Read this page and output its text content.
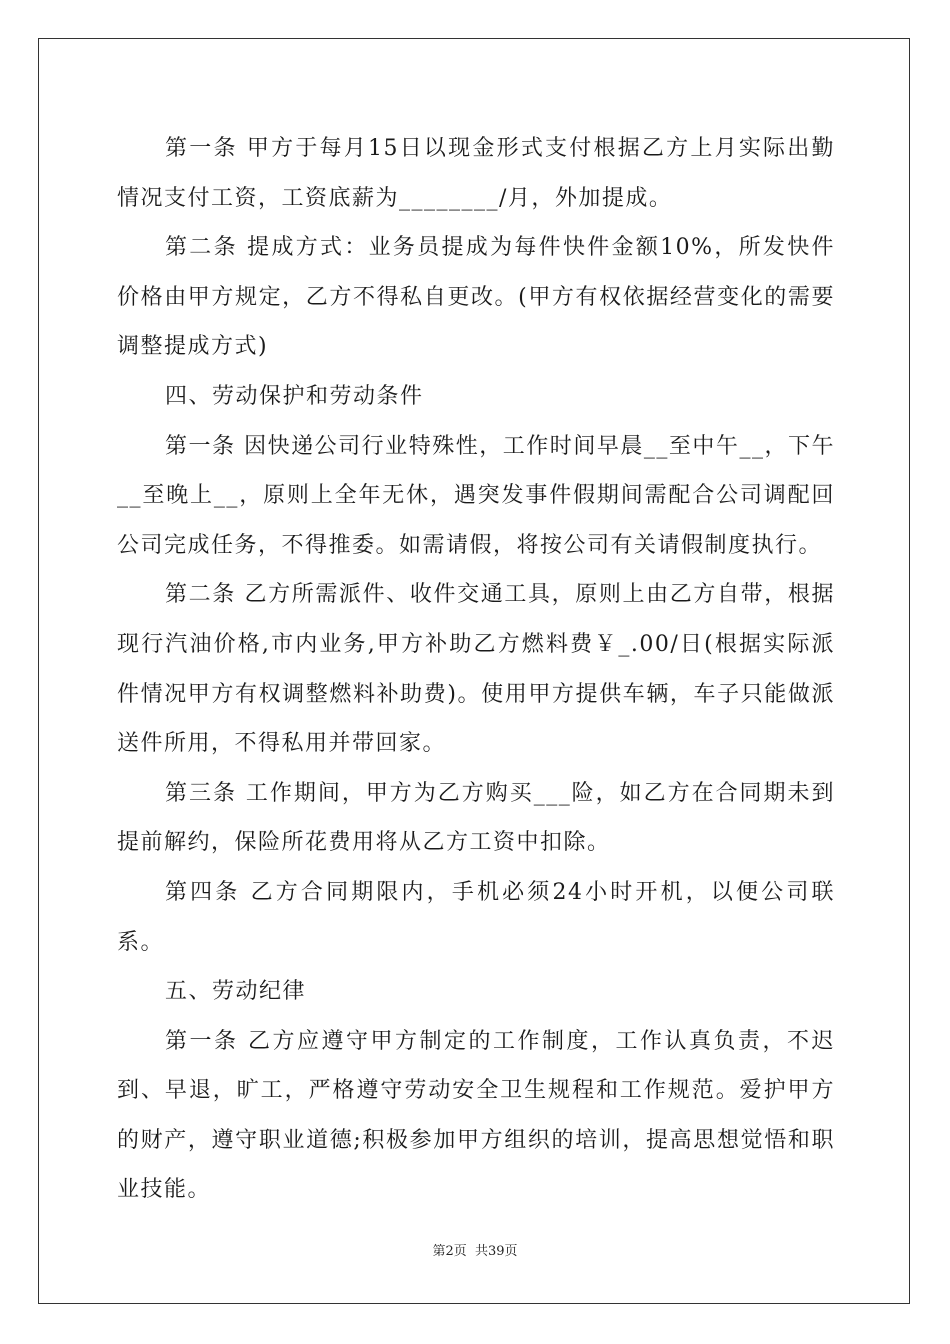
第一条 甲方于每月15日以现金形式支付根据乙方上月实际出勤情况支付工资，工资底薪为________/月，外加提成。

第二条 提成方式：业务员提成为每件快件金额10%，所发快件价格由甲方规定，乙方不得私自更改。(甲方有权依据经营变化的需要调整提成方式)

四、劳动保护和劳动条件

第一条 因快递公司行业特殊性，工作时间早晨__至中午__，下午__至晚上__，原则上全年无休，遇突发事件假期间需配合公司调配回公司完成任务，不得推委。如需请假，将按公司有关请假制度执行。

第二条 乙方所需派件、收件交通工具，原则上由乙方自带，根据现行汽油价格,市内业务,甲方补助乙方燃料费￥_.00/日(根据实际派件情况甲方有权调整燃料补助费)。使用甲方提供车辆，车子只能做派送件所用，不得私用并带回家。

第三条 工作期间，甲方为乙方购买___险，如乙方在合同期未到提前解约，保险所花费用将从乙方工资中扣除。

第四条 乙方合同期限内，手机必须24小时开机，以便公司联系。

五、劳动纪律

第一条 乙方应遵守甲方制定的工作制度，工作认真负责，不迟到、早退，旷工，严格遵守劳动安全卫生规程和工作规范。爱护甲方的财产，遵守职业道德;积极参加甲方组织的培训，提高思想觉悟和职业技能。

第2页 共39页
